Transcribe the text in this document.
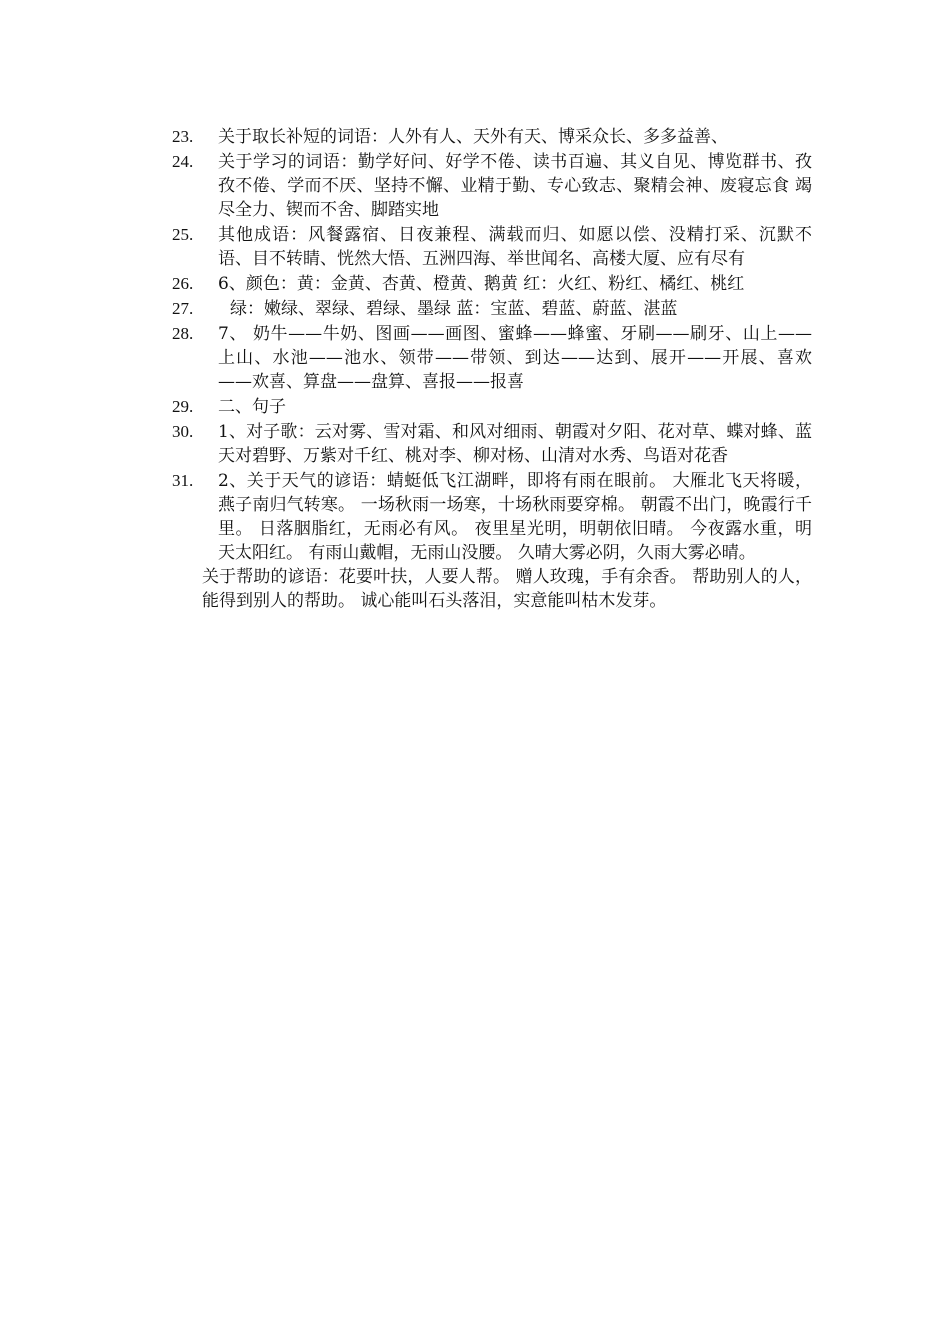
23.	关于取长补短的词语：人外有人、天外有天、博采众长、多多益善、
24.	关于学习的词语：勤学好问、好学不倦、读书百遍、其义自见、博览群书、孜孜不倦、学而不厌、坚持不懈、业精于勤、专心致志、聚精会神、废寝忘食 竭尽全力、锲而不舍、脚踏实地
25.	其他成语：风餐露宿、日夜兼程、满载而归、如愿以偿、没精打采、沉默不语、目不转睛、恍然大悟、五洲四海、举世闻名、高楼大厦、应有尽有
26.	6、颜色：黄：金黄、杏黄、橙黄、鹅黄 红：火红、粉红、橘红、桃红
27.	绿：嫩绿、翠绿、碧绿、墨绿 蓝：宝蓝、碧蓝、蔚蓝、湛蓝
28.	7、 奶牛——牛奶、图画——画图、蜜蜂——蜂蜜、牙刷——刷牙、山上——上山、水池——池水、领带——带领、到达——达到、展开——开展、喜欢——欢喜、算盘——盘算、喜报——报喜
29.	二、句子
30.	1、对子歌：云对雾、雪对霜、和风对细雨、朝霞对夕阳、花对草、蝶对蜂、蓝天对碧野、万紫对千红、桃对李、柳对杨、山清对水秀、鸟语对花香
31.	2、关于天气的谚语：蜻蜓低飞江湖畔，即将有雨在眼前。 大雁北飞天将暖，燕子南归气转寒。 一场秋雨一场寒，十场秋雨要穿棉。 朝霞不出门，晚霞行千里。 日落胭脂红，无雨必有风。 夜里星光明，明朝依旧晴。 今夜露水重，明天太阳红。 有雨山戴帽，无雨山没腰。 久晴大雾必阴，久雨大雾必晴。
关于帮助的谚语：花要叶扶，人要人帮。 赠人玫瑰，手有余香。 帮助别人的人，能得到别人的帮助。 诚心能叫石头落泪，实意能叫枯木发芽。
